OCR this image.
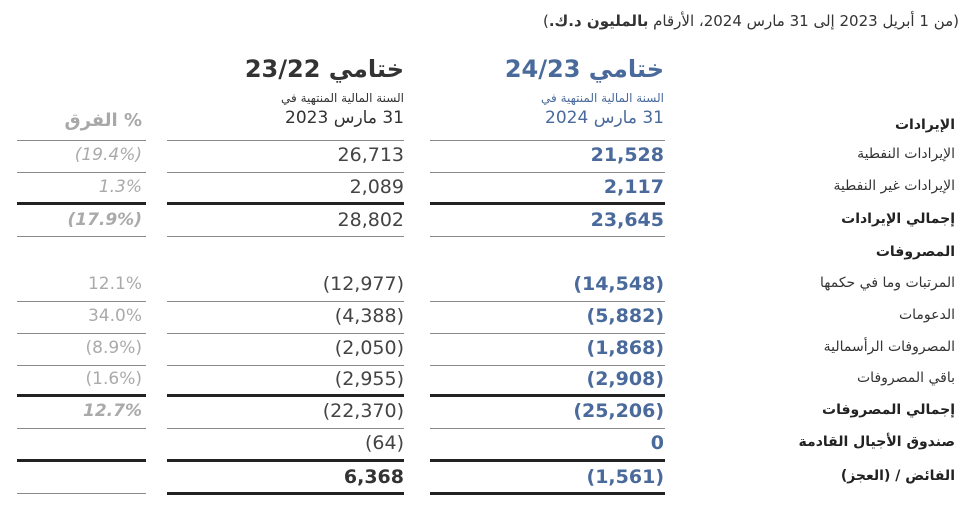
(من 1 أبريل 2023 إلى 31 مارس 2024، الأرقام بالمليون د.ك.)
ختامي 24/23
السنة المالية المنتهية في
31 مارس 2024
ختامي 23/22
السنة المالية المنتهية في
31 مارس 2023
% الفرق	الإيرادات
الإيرادات النفطية
21,528
26,713
(19.4%)
الإيرادات غير النفطية
2,117
2,089
1.3%
إجمالي الإيرادات
23,645
28,802
(17.9%)
المصروفات
المرتبات وما في حكمها
(14,548)
(12,977)
12.1%
الدعومات
(5,882)
(4,388)
34.0%
المصروفات الرأسمالية
(1,868)
(2,050)
(8.9%)
باقي المصروفات
(2,908)
(2,955)
(1.6%)
إجمالي المصروفات
(25,206)
(22,370)
12.7%
صندوق الأجيال القادمة
0
(64)
الفائض / (العجز)
(1,561)
6,368
